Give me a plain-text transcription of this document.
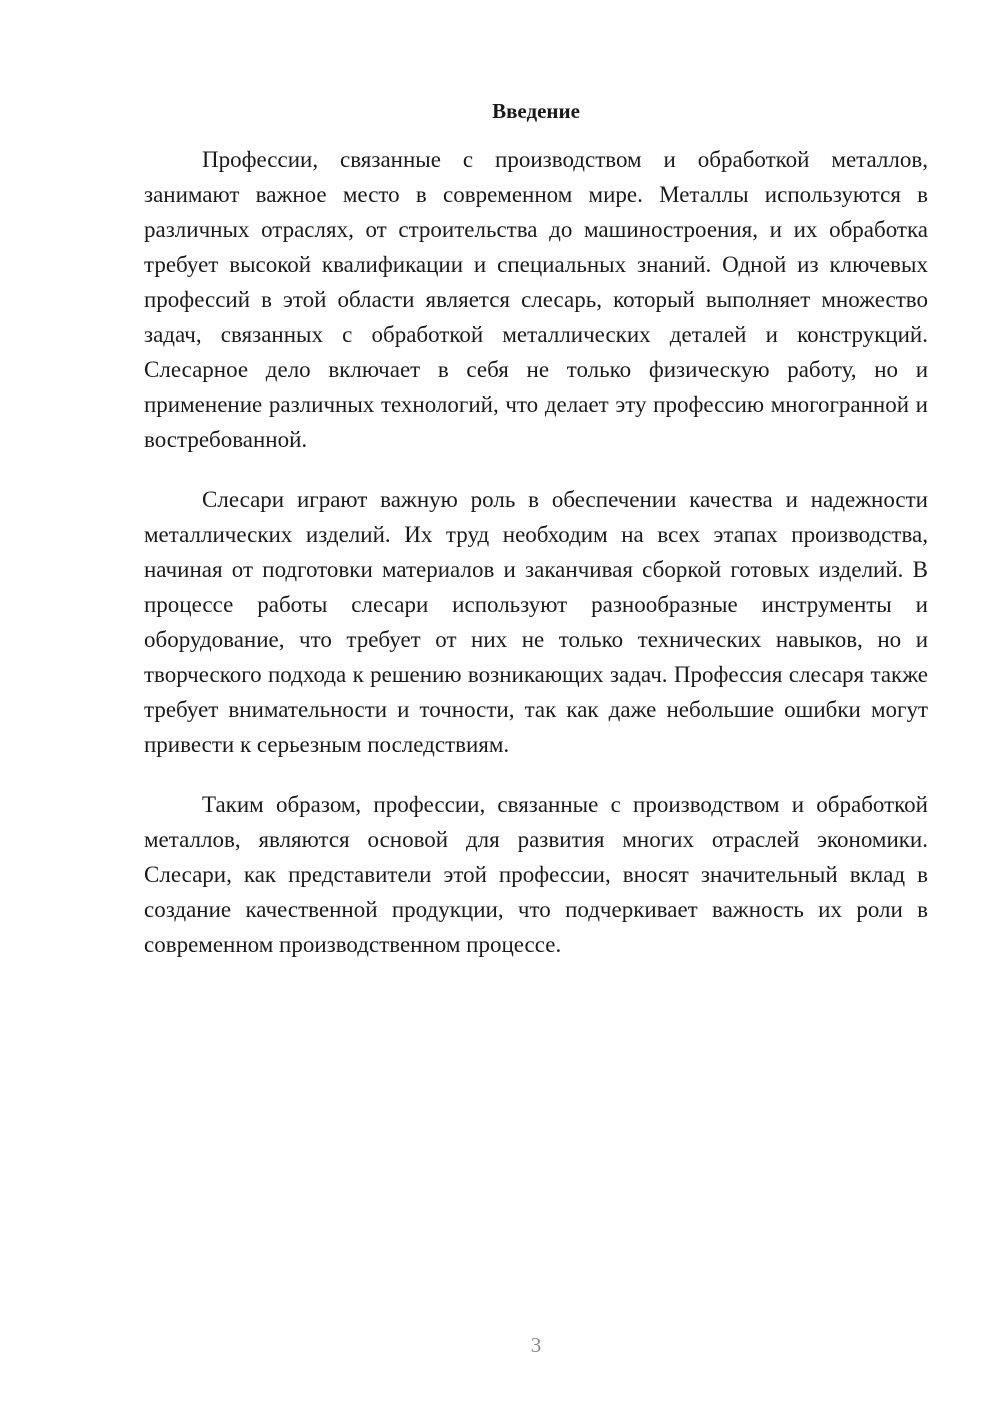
Введение

Профессии, связанные с производством и обработкой металлов, занимают важное место в современном мире. Металлы используются в различных отраслях, от строительства до машиностроения, и их обработка требует высокой квалификации и специальных знаний. Одной из ключевых профессий в этой области является слесарь, который выполняет множество задач, связанных с обработкой металлических деталей и конструкций. Слесарное дело включает в себя не только физическую работу, но и применение различных технологий, что делает эту профессию многогранной и востребованной.

Слесари играют важную роль в обеспечении качества и надежности металлических изделий. Их труд необходим на всех этапах производства, начиная от подготовки материалов и заканчивая сборкой готовых изделий. В процессе работы слесари используют разнообразные инструменты и оборудование, что требует от них не только технических навыков, но и творческого подхода к решению возникающих задач. Профессия слесаря также требует внимательности и точности, так как даже небольшие ошибки могут привести к серьезным последствиям.

Таким образом, профессии, связанные с производством и обработкой металлов, являются основой для развития многих отраслей экономики. Слесари, как представители этой профессии, вносят значительный вклад в создание качественной продукции, что подчеркивает важность их роли в современном производственном процессе.

3
